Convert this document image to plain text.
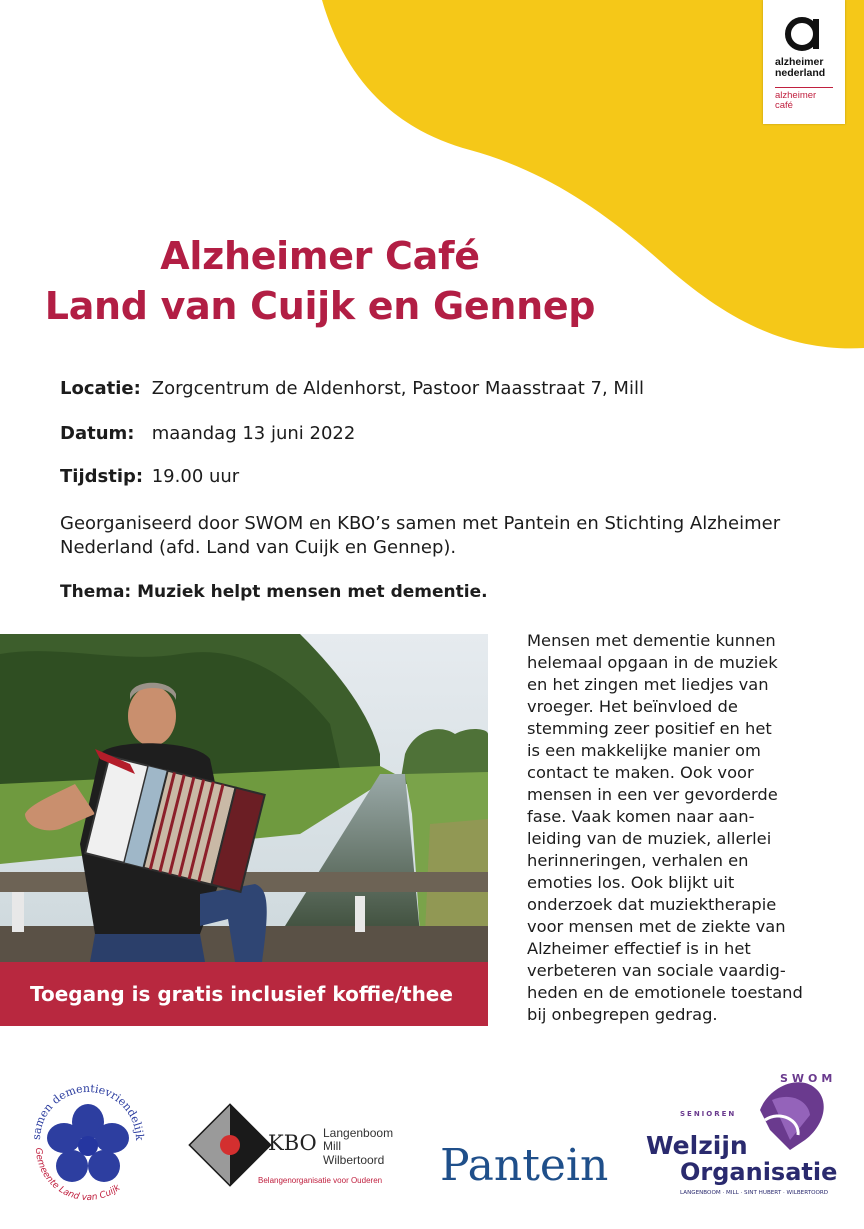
alzheimer
nederland
alzheimer
café
Alzheimer Café
Land van Cuijk en Gennep
Locatie: Zorgcentrum de Aldenhorst, Pastoor Maasstraat 7, Mill
Datum: maandag 13 juni 2022
Tijdstip: 19.00 uur
Georganiseerd door SWOM en KBO’s samen met Pantein en Stichting Alzheimer Nederland (afd. Land van Cuijk en Gennep).
Thema: Muziek helpt mensen met dementie.
Toegang is gratis inclusief koffie/thee
Mensen met dementie kunnen
helemaal opgaan in de muziek
en het zingen met liedjes van
vroeger. Het beïnvloed de
stemming zeer positief en het
is een makkelijke manier om
contact te maken. Ook voor
mensen in een ver gevorderde
fase. Vaak komen naar aan-
leiding van de muziek, allerlei
herinneringen, verhalen en
emoties los. Ook blijkt uit
onderzoek dat muziektherapie
voor mensen met de ziekte van
Alzheimer effectief is in het
verbeteren van sociale vaardig-
heden en de emotionele toestand
bij onbegrepen gedrag.
samen dementievriendelijk
Gemeente Land van Cuijk
KBO Langenboom
Mill
Wilbertoord
Belangenorganisatie voor Ouderen Pantein
SWOM
SENIOREN
Welzijn
Organisatie
LANGENBOOM · MILL · SINT HUBERT · WILBERTOORD
